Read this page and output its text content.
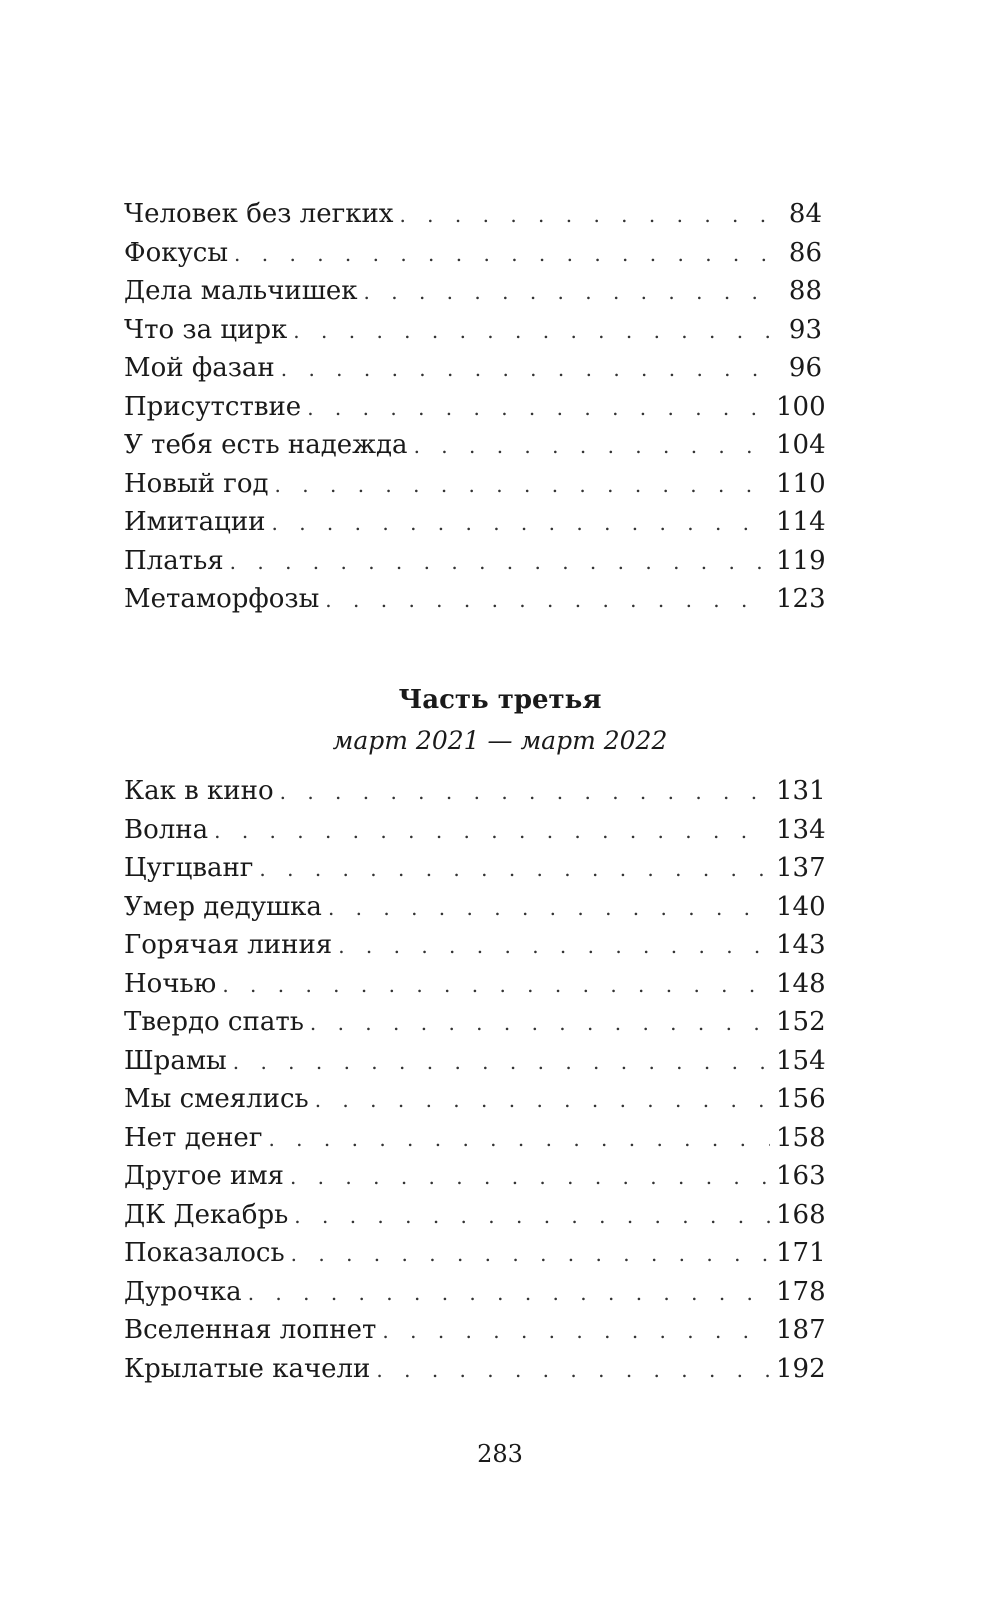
Человек без легких . . .	84
Фокусы . . .	86
Дела мальчишек . . .	88
Что за цирк . . .	93
Мой фазан . . .	96
Присутствие . . .	100
У тебя есть надежда . . .	104
Новый год . . .	110
Имитации . . .	114
Платья . . .	119
Метаморфозы . . .	123
Часть третья
март 2021 — март 2022
Как в кино . . .	131
Волна . . .	134
Цугцванг . . .	137
Умер дедушка . . .	140
Горячая линия . . .	143
Ночью . . .	148
Твердо спать . . .	152
Шрамы . . .	154
Мы смеялись . . .	156
Нет денег . . .	158
Другое имя . . .	163
ДК Декабрь . . .	168
Показалось . . .	171
Дурочка . . .	178
Вселенная лопнет . . .	187
Крылатые качели . . .	192
283
